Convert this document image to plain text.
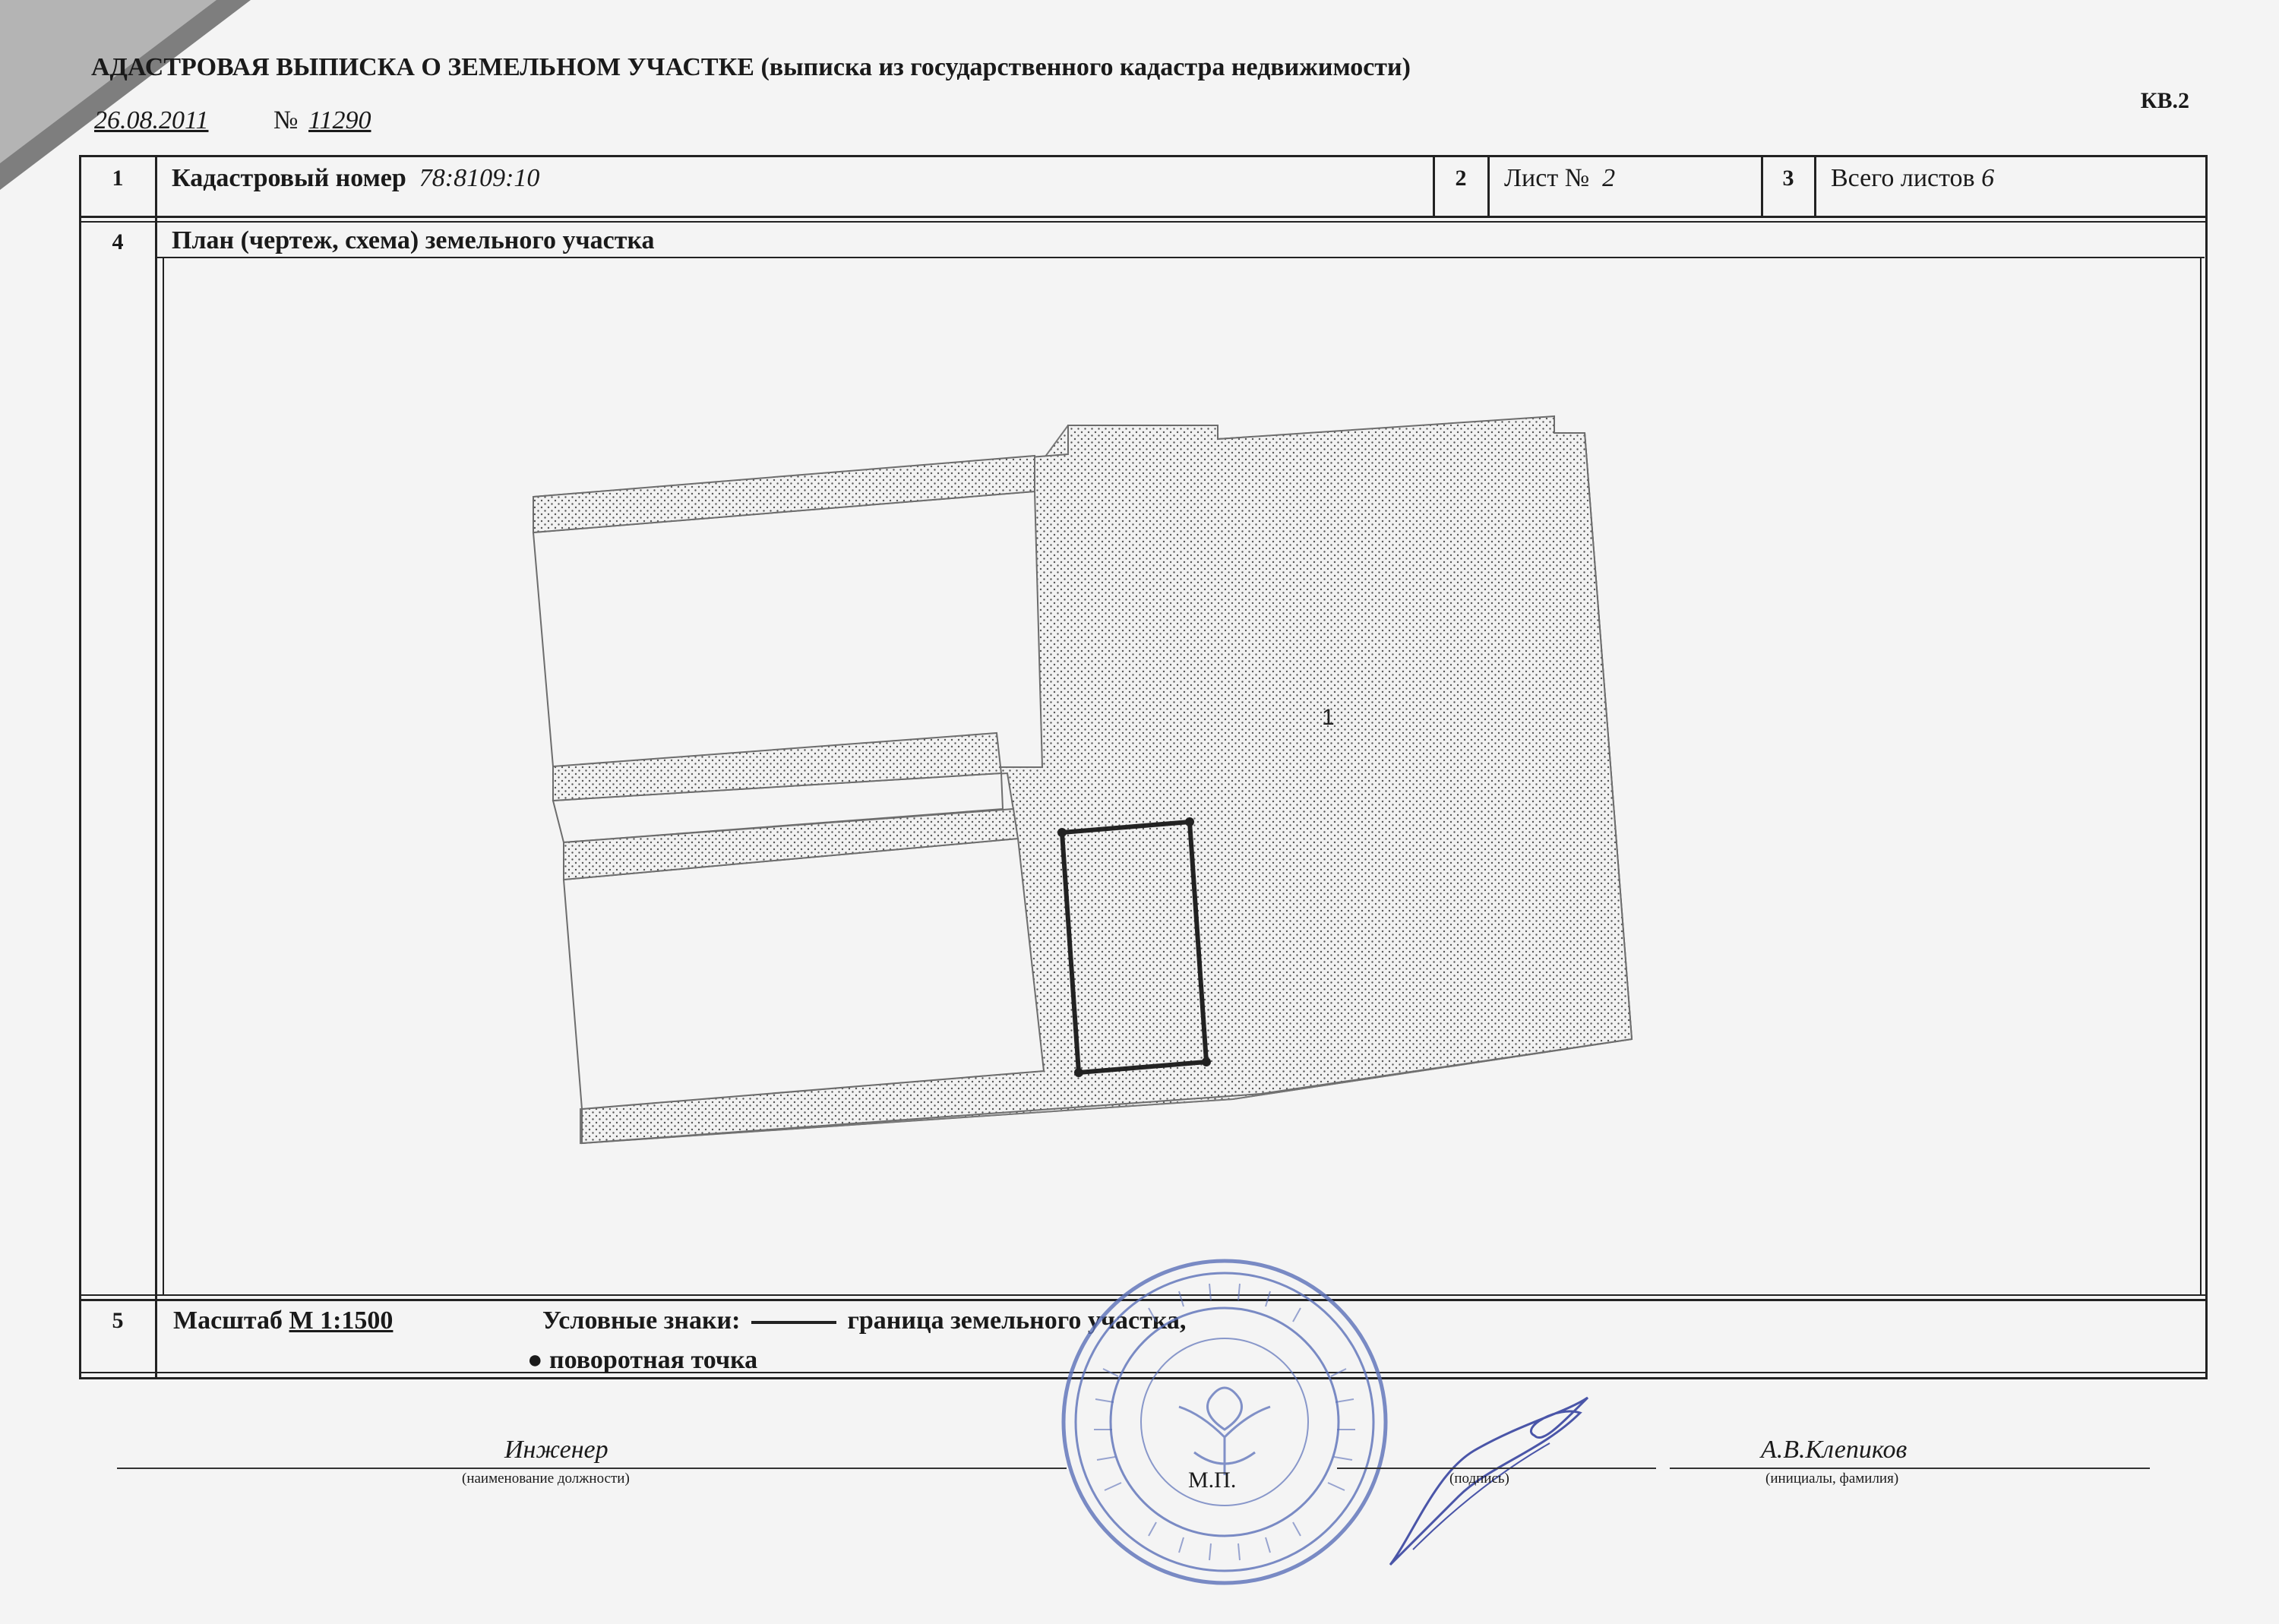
АДАСТРОВАЯ ВЫПИСКА О ЗЕМЕЛЬНОМ УЧАСТКЕ (выписка из государственного кадастра недвижимости)
26.08.2011	№ 11290
КВ.2
1	Кадастровый номер 78:8109:10	2	Лист № 2	3	Всего листов 6
4	План (чертеж, схема) земельного участка
1
5	Масштаб М 1:1500	Условные знаки:	граница земельного участка,
● поворотная точка
Инженер
(наименование должности)	М.П.	(подпись)
А.В.Клепиков
(инициалы, фамилия)
